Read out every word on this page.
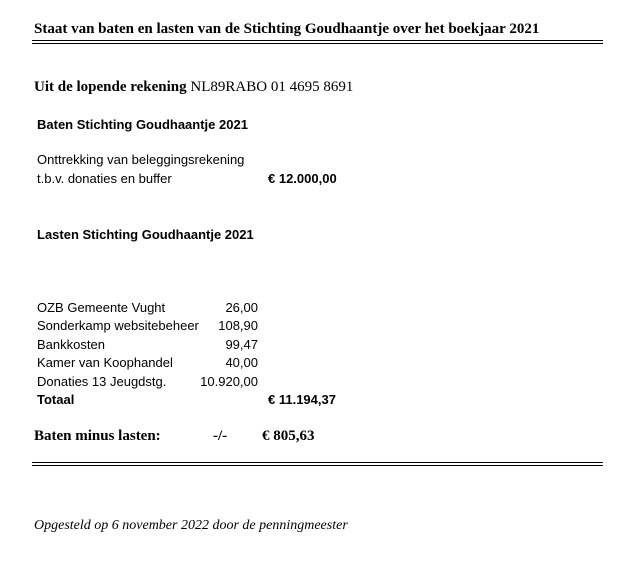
Staat van baten en lasten van de Stichting Goudhaantje over het boekjaar 2021
Uit de lopende rekening NL89RABO 01 4695 8691
Baten Stichting Goudhaantje 2021
Onttrekking van beleggingsrekening
t.b.v. donaties en buffer	€ 12.000,00
Lasten Stichting Goudhaantje 2021
OZB Gemeente Vught	26,00
Sonderkamp websitebeheer	108,90
Bankkosten	99,47
Kamer van Koophandel	40,00
Donaties 13 Jeugdstg.	10.920,00
Totaal	€ 11.194,37
Baten minus lasten:	-/- € 805,63
Opgesteld op 6 november 2022 door de penningmeester
